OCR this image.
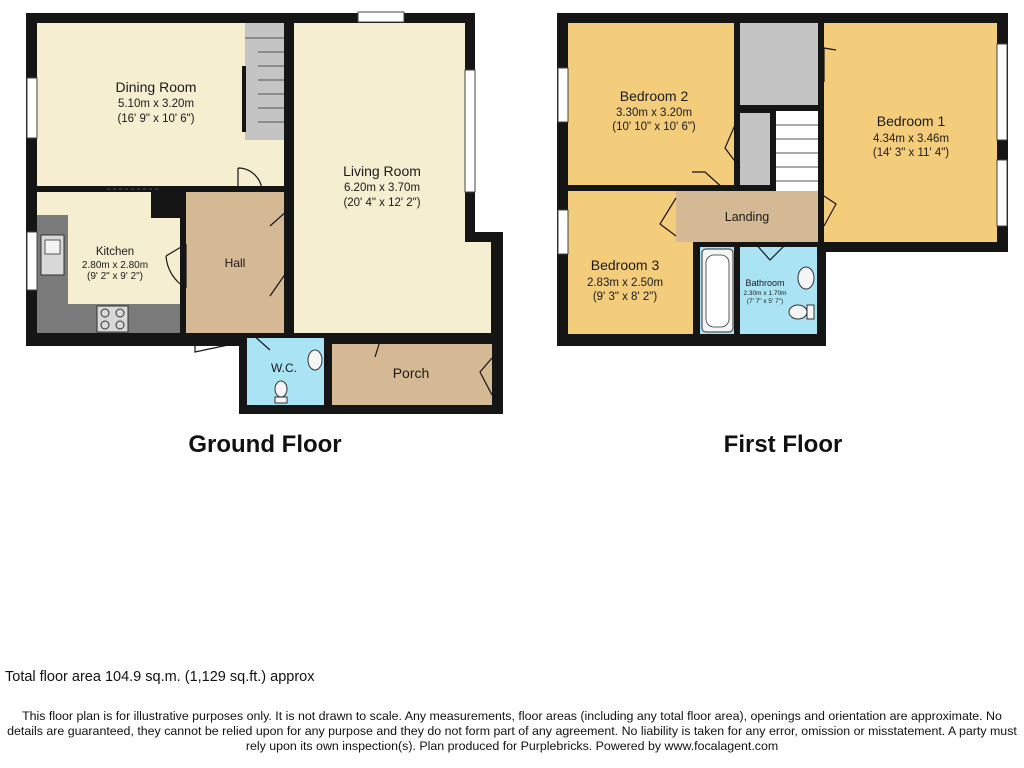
Dining Room
5.10m x 3.20m
(16' 9" x 10' 6")
Living Room
6.20m x 3.70m
(20' 4" x 12' 2")
Kitchen
2.80m x 2.80m
(9' 2" x 9' 2")
Hall
W.C.	Porch
Ground Floor
Bedroom 2
3.30m x 3.20m
(10' 10" x 10' 6")	Bedroom 1
4.34m x 3.46m
(14' 3" x 11' 4")
Landing
Bedroom 3
2.83m x 2.50m
(9' 3" x 8' 2")
Bathroom
2.30m x 1.70m
(7' 7" x 5' 7")
First Floor
Total floor area 104.9 sq.m. (1,129 sq.ft.) approx
This floor plan is for illustrative purposes only. It is not drawn to scale. Any measurements, floor areas (including any total floor area), openings and orientation are approximate. No details are guaranteed, they cannot be relied upon for any purpose and they do not form part of any agreement. No liability is taken for any error, omission or misstatement. A party must rely upon its own inspection(s). Plan produced for Purplebricks. Powered by www.focalagent.com
